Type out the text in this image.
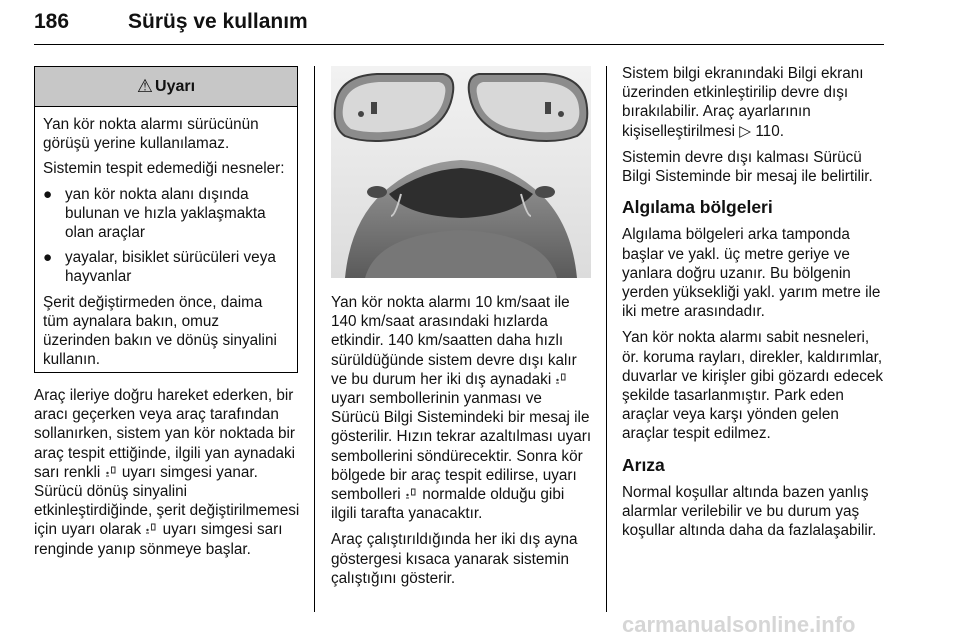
186	Sürüş ve kullanım
⚠ Uyarı

Yan kör nokta alarmı sürücünün görüşü yerine kullanılamaz.

Sistemin tespit edemediği nesneler:

● yan kör nokta alanı dışında bulunan ve hızla yaklaşmakta olan araçlar
● yayalar, bisiklet sürücüleri veya hayvanlar

Şerit değiştirmeden önce, daima tüm aynalara bakın, omuz üzerinden bakın ve dönüş sinyalini kullanın.

Araç ileriye doğru hareket ederken, bir aracı geçerken veya araç tarafından sollanırken, sistem yan kör noktada bir araç tespit ettiğinde, ilgili yan aynadaki sarı renkli uyarı simgesi yanar. Sürücü dönüş sinyalini etkinleştirdiğinde, şerit değiştirilmemesi için uyarı olarak uyarı simgesi sarı renginde yanıp sönmeye başlar.

Yan kör nokta alarmı 10 km/saat ile 140 km/saat arasındaki hızlarda etkindir. 140 km/saatten daha hızlı sürüldüğünde sistem devre dışı kalır ve bu durum her iki dış aynadaki  uyarı sembollerinin yanması ve Sürücü Bilgi Sistemindeki bir mesaj ile gösterilir. Hızın tekrar azaltılması uyarı sembollerini söndürecektir. Sonra kör bölgede bir araç tespit edilirse, uyarı sembolleri normalde olduğu gibi ilgili tarafta yanacaktır.

Araç çalıştırıldığında her iki dış ayna göstergesi kısaca yanarak sistemin çalıştığını gösterir.

Sistem bilgi ekranındaki Bilgi ekranı üzerinden etkinleştirilip devre dışı bırakılabilir. Araç ayarlarının kişiselleştirilmesi ▷ 110.

Sistemin devre dışı kalması Sürücü Bilgi Sisteminde bir mesaj ile belirtilir.

Algılama bölgeleri

Algılama bölgeleri arka tamponda başlar ve yakl. üç metre geriye ve yanlara doğru uzanır. Bu bölgenin yerden yüksekliği yakl. yarım metre ile iki metre arasındadır.

Yan kör nokta alarmı sabit nesneleri, ör. koruma rayları, direkler, kaldırımlar, duvarlar ve kirişler gibi gözardı edecek şekilde tasarlanmıştır. Park eden araçlar veya karşı yönden gelen araçlar tespit edilmez.

Arıza

Normal koşullar altında bazen yanlış alarmlar verilebilir ve bu durum yaş koşullar altında daha da fazlalaşabilir.

carmanualsonline.info
